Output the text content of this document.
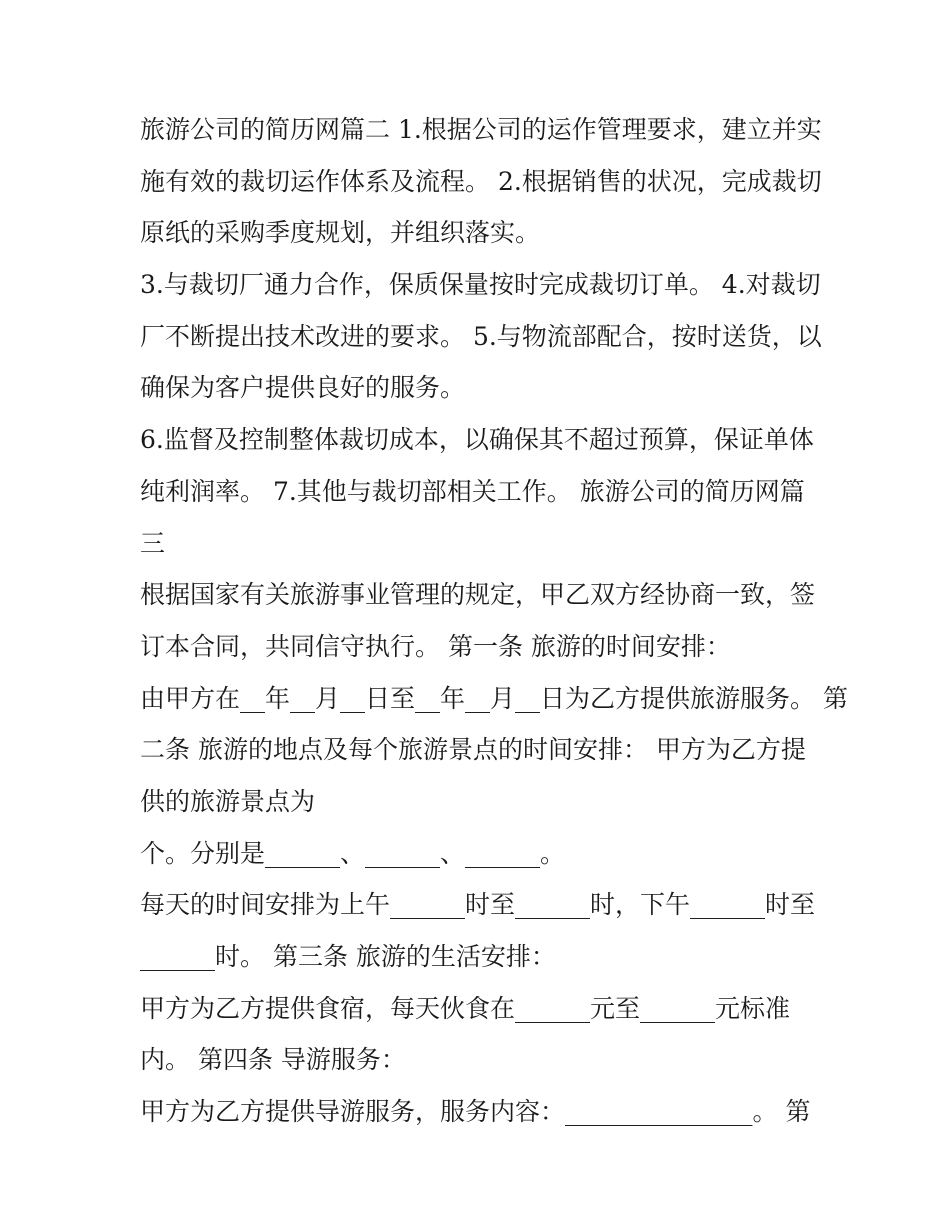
旅游公司的简历网篇二 1.根据公司的运作管理要求，建立并实
施有效的裁切运作体系及流程。 2.根据销售的状况，完成裁切
原纸的采购季度规划，并组织落实。
3.与裁切厂通力合作，保质保量按时完成裁切订单。 4.对裁切
厂不断提出技术改进的要求。 5.与物流部配合，按时送货，以
确保为客户提供良好的服务。
6.监督及控制整体裁切成本，以确保其不超过预算，保证单体
纯利润率。 7.其他与裁切部相关工作。 旅游公司的简历网篇
三
根据国家有关旅游事业管理的规定，甲乙双方经协商一致，签
订本合同，共同信守执行。 第一条 旅游的时间安排：
由甲方在__年__月__日至__年__月__日为乙方提供旅游服务。 第
二条 旅游的地点及每个旅游景点的时间安排： 甲方为乙方提
供的旅游景点为
个。分别是______、______、______。
每天的时间安排为上午______时至______时，下午______时至
______时。 第三条 旅游的生活安排：
甲方为乙方提供食宿，每天伙食在______元至______元标准
内。 第四条 导游服务：
甲方为乙方提供导游服务，服务内容：_______________。 第
